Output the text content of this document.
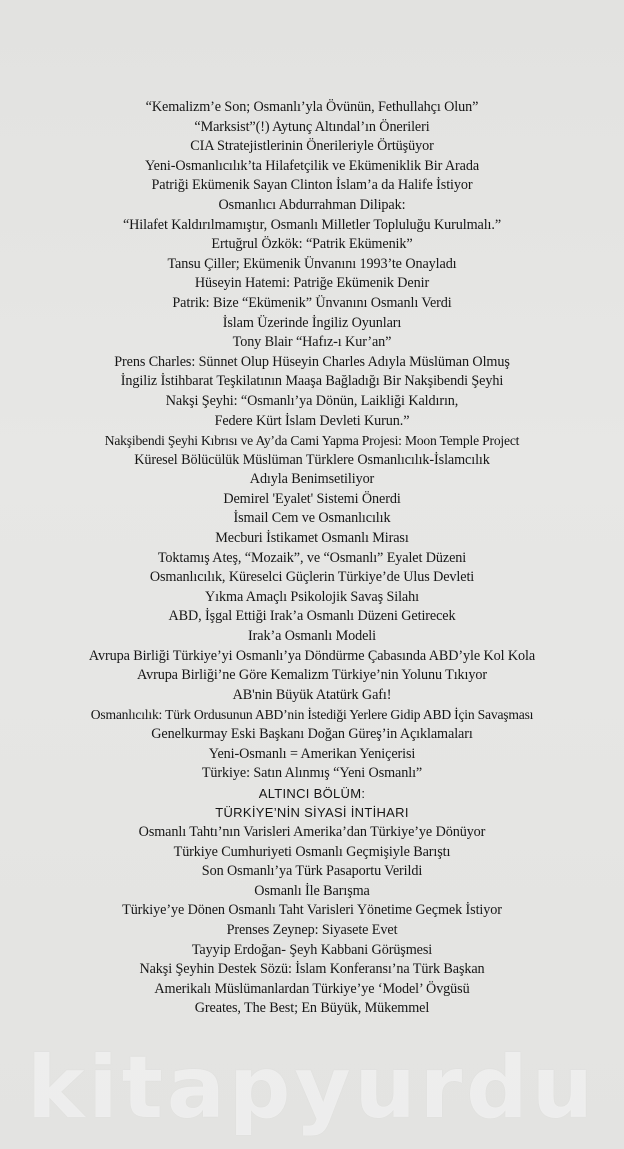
“Kemalizm’e Son; Osmanlı’yla Övünün, Fethullahçı Olun”
“Marksist”(!) Aytunç Altındal’ın Önerileri
CIA Stratejistlerinin Önerileriyle Örtüşüyor
Yeni-Osmanlıcılık’ta Hilafetçilik ve Ekümeniklik Bir Arada
Patriği Ekümenik Sayan Clinton İslam’a da Halife İstiyor
Osmanlıcı Abdurrahman Dilipak:
“Hilafet Kaldırılmamıştır, Osmanlı Milletler Topluluğu Kurulmalı.”
Ertuğrul Özkök: “Patrik Ekümenik”
Tansu Çiller; Ekümenik Ünvanını 1993’te Onayladı
Hüseyin Hatemi: Patriğe Ekümenik Denir
Patrik: Bize “Ekümenik” Ünvanını Osmanlı Verdi
İslam Üzerinde İngiliz Oyunları
Tony Blair “Hafız-ı Kur’an”
Prens Charles: Sünnet Olup Hüseyin Charles Adıyla Müslüman Olmuş
İngiliz İstihbarat Teşkilatının Maaşa Bağladığı Bir Nakşibendi Şeyhi
Nakşi Şeyhi: “Osmanlı’ya Dönün, Laikliği Kaldırın,
Federe Kürt İslam Devleti Kurun.”
Nakşibendi Şeyhi Kıbrısı ve Ay’da Cami Yapma Projesi: Moon Temple Project
Küresel Bölücülük Müslüman Türklere Osmanlıcılık-İslamcılık
Adıyla Benimsetiliyor
Demirel 'Eyalet' Sistemi Önerdi
İsmail Cem ve Osmanlıcılık
Mecburi İstikamet Osmanlı Mirası
Toktamış Ateş, “Mozaik”, ve “Osmanlı” Eyalet Düzeni
Osmanlıcılık, Küreselci Güçlerin Türkiye’de Ulus Devleti
Yıkma Amaçlı Psikolojik Savaş Silahı
ABD, İşgal Ettiği Irak’a Osmanlı Düzeni Getirecek
Irak’a Osmanlı Modeli
Avrupa Birliği Türkiye’yi Osmanlı’ya Döndürme Çabasında ABD’yle Kol Kola
Avrupa Birliği’ne Göre Kemalizm Türkiye’nin Yolunu Tıkıyor
AB'nin Büyük Atatürk Gafı!
Osmanlıcılık: Türk Ordusunun ABD’nin İstediği Yerlere Gidip ABD İçin Savaşması
Genelkurmay Eski Başkanı Doğan Güreş’in Açıklamaları
Yeni-Osmanlı = Amerikan Yeniçerisi
Türkiye: Satın Alınmış “Yeni Osmanlı”
ALTINCI BÖLÜM:
TÜRKİYE’NİN SİYASİ İNTİHARI
Osmanlı Tahtı’nın Varisleri Amerika’dan Türkiye’ye Dönüyor
Türkiye Cumhuriyeti Osmanlı Geçmişiyle Barıştı
Son Osmanlı’ya Türk Pasaportu Verildi
Osmanlı İle Barışma
Türkiye’ye Dönen Osmanlı Taht Varisleri Yönetime Geçmek İstiyor
Prenses Zeynep: Siyasete Evet
Tayyip Erdoğan- Şeyh Kabbani Görüşmesi
Nakşi Şeyhin Destek Sözü: İslam Konferansı’na Türk Başkan
Amerikalı Müslümanlardan Türkiye’ye ‘Model’ Övgüsü
Greates, The Best; En Büyük, Mükemmel
kitapyurdu
